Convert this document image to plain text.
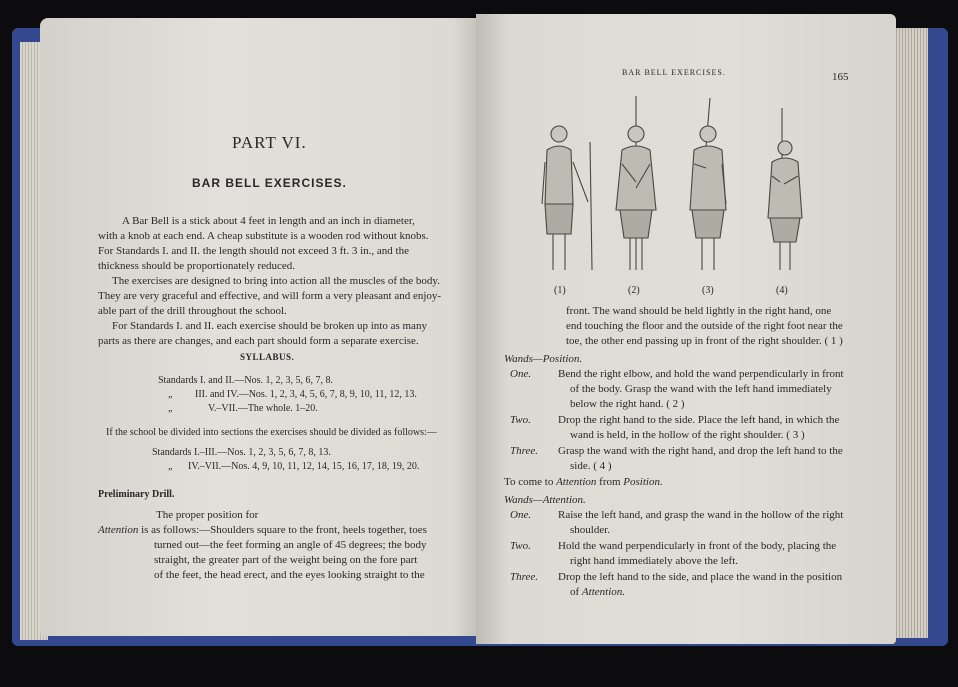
PART VI.
BAR BELL EXERCISES.
A Bar Bell is a stick about 4 feet in length and an inch in diameter,
with a knob at each end. A cheap substitute is a wooden rod without knobs.
For Standards I. and II. the length should not exceed 3 ft. 3 in., and the
thickness should be proportionately reduced.
The exercises are designed to bring into action all the muscles of the body.
They are very graceful and effective, and will form a very pleasant and enjoy-
able part of the drill throughout the school.
For Standards I. and II. each exercise should be broken up into as many
parts as there are changes, and each part should form a separate exercise.
SYLLABUS.
Standards I. and II.—Nos. 1, 2, 3, 5, 6, 7, 8.
„ III. and IV.—Nos. 1, 2, 3, 4, 5, 6, 7, 8, 9, 10, 11, 12, 13.
„	V.–VII.—The whole. 1–20.
If the school be divided into sections the exercises should be divided as follows:—
Standards I.–III.—Nos. 1, 2, 3, 5, 6, 7, 8, 13.
„ IV.–VII.—Nos. 4, 9, 10, 11, 12, 14, 15, 16, 17, 18, 19, 20.
Preliminary Drill.
The proper position for
Attention is as follows:—Shoulders square to the front, heels together, toes
turned out—the feet forming an angle of 45 degrees; the body
straight, the greater part of the weight being on the fore part
of the feet, the head erect, and the eyes looking straight to the
BAR BELL EXERCISES.	165
(1)	(2)	(3)	(4)
front. The wand should be held lightly in the right hand, one
end touching the floor and the outside of the right foot near the
toe, the other end passing up in front of the right shoulder. ( 1 )
Wands—Position.
One. Bend the right elbow, and hold the wand perpendicularly in front
of the body. Grasp the wand with the left hand immediately
below the right hand. ( 2 )
Two. Drop the right hand to the side. Place the left hand, in which the
wand is held, in the hollow of the right shoulder. ( 3 )
Three. Grasp the wand with the right hand, and drop the left hand to the
side. ( 4 )
To come to Attention from Position.
Wands—Attention.
One. Raise the left hand, and grasp the wand in the hollow of the right
shoulder.
Two. Hold the wand perpendicularly in front of the body, placing the
right hand immediately above the left.
Three. Drop the left hand to the side, and place the wand in the position
of Attention.
